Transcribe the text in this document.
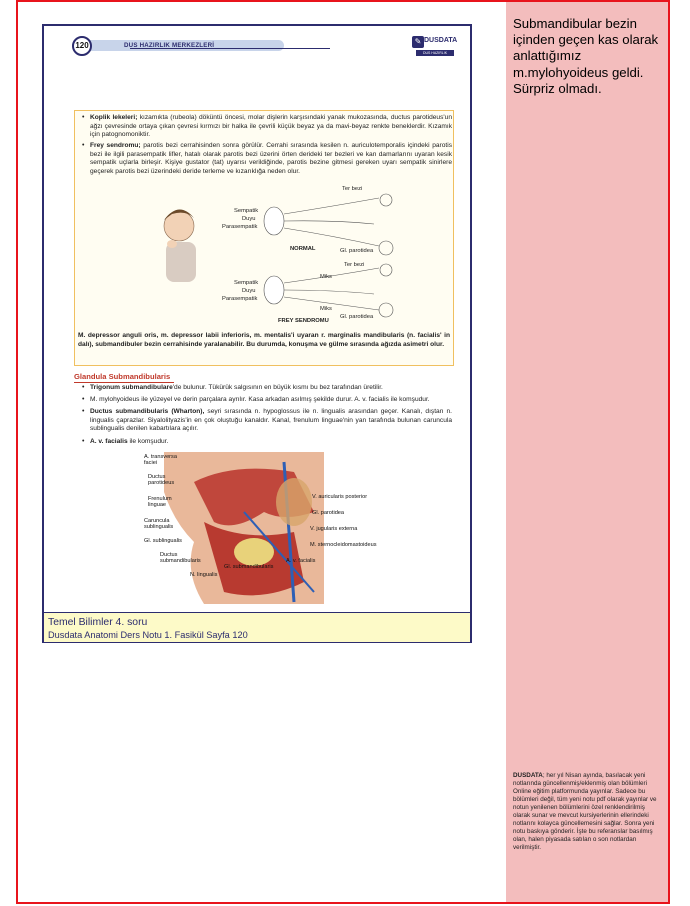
Submandibular bezin içinden geçen kas olarak anlattığımız m.mylohyoideus geldi. Sürpriz olmadı.
DUSDATA; her yıl Nisan ayında, basılacak yeni notlarında güncellenmiş/eklenmiş olan bölümleri Online eğitim platformunda yayınlar. Sadece bu bölümleri değil, tüm yeni notu pdf olarak yayınlar ve notun yenilenen bölümlerini özel renklendirilmiş olarak sunar ve mevcut kursiyerlerinin ellerindeki notlarını kolayca güncellemesini sağlar. Sonra yeni notu baskıya gönderir. İşte bu referanslar basılmış olan, halen piyasada satılan o son notlardan verilmiştir.
120	DUS HAZIRLIK MERKEZLERİ	✎ DUSDATA
DUS HAZIRLIK MERKEZLERİ
• Koplik lekeleri; kızamıkta (rubeola) döküntü öncesi, molar dişlerin karşısındaki yanak mukozasında, ductus parotideus'un ağzı çevresinde ortaya çıkan çevresi kırmızı bir halka ile çevrili küçük beyaz ya da mavi-beyaz renkte beneklerdir. Kızamık için patognomoniktir.
• Frey sendromu; parotis bezi cerrahisinden sonra görülür. Cerrahi sırasında kesilen n. auriculotemporalis içindeki parotis bezi ile ilgili parasempatik lifler, hatalı olarak parotis bezi üzerini örten derideki ter bezleri ve kan damarlarını uyaran kesik sempatik uçlarla birleşir. Kişiye gustator (tat) uyarısı verildiğinde, parotis bezine gitmesi gereken uyarı sempatik sinirlere geçerek parotis bezi üzerindeki deride terleme ve kızarıklığa neden olur.
Ter bezi
Sempatik
Duyu
Parasempatik
NORMAL	Gl. parotidea
Ter bezi
Miks
Sempatik
Duyu
Parasempatik
Miks
FREY SENDROMU
Gl. parotidea
M. depressor anguli oris, m. depressor labii inferioris, m. mentalis'i uyaran r. marginalis mandibularis (n. facialis' in dalı), submandibuler bezin cerrahisinde yaralanabilir. Bu durumda, konuşma ve gülme sırasında ağızda asimetri olur.
Glandula Submandibularis
• Trigonum submandibulare'de bulunur. Tükürük salgısının en büyük kısmı bu bez tarafından üretilir.
• M. mylohyoideus ile yüzeyel ve derin parçalara ayrılır. Kasa arkadan asılmış şekilde durur. A. v. facialis ile komşudur.
• Ductus submandibularis (Wharton), seyri sırasında n. hypoglossus ile n. lingualis arasından geçer. Kanalı, dıştan n. lingualis çaprazlar. Siyalolityazis'in en çok oluştuğu kanaldır. Kanal, frenulum linguae'nin yan tarafında bulunan caruncula sublingualis denilen kabartılara açılır.
• A. v. facialis ile komşudur.
A. transversa faciei
Ductus parotideus
Frenulum linguae
Caruncula sublingualis
Gl. sublingualis
Ductus submandibularis
N. lingualis
Gl. submandibularis
V. auricularis posterior
Gl. parotidea
V. jugularis externa
M. sternocleidomastoideus
A. v. facialis
Temel Bilimler 4. soru
Dusdata Anatomi Ders Notu 1. Fasikül Sayfa 120
